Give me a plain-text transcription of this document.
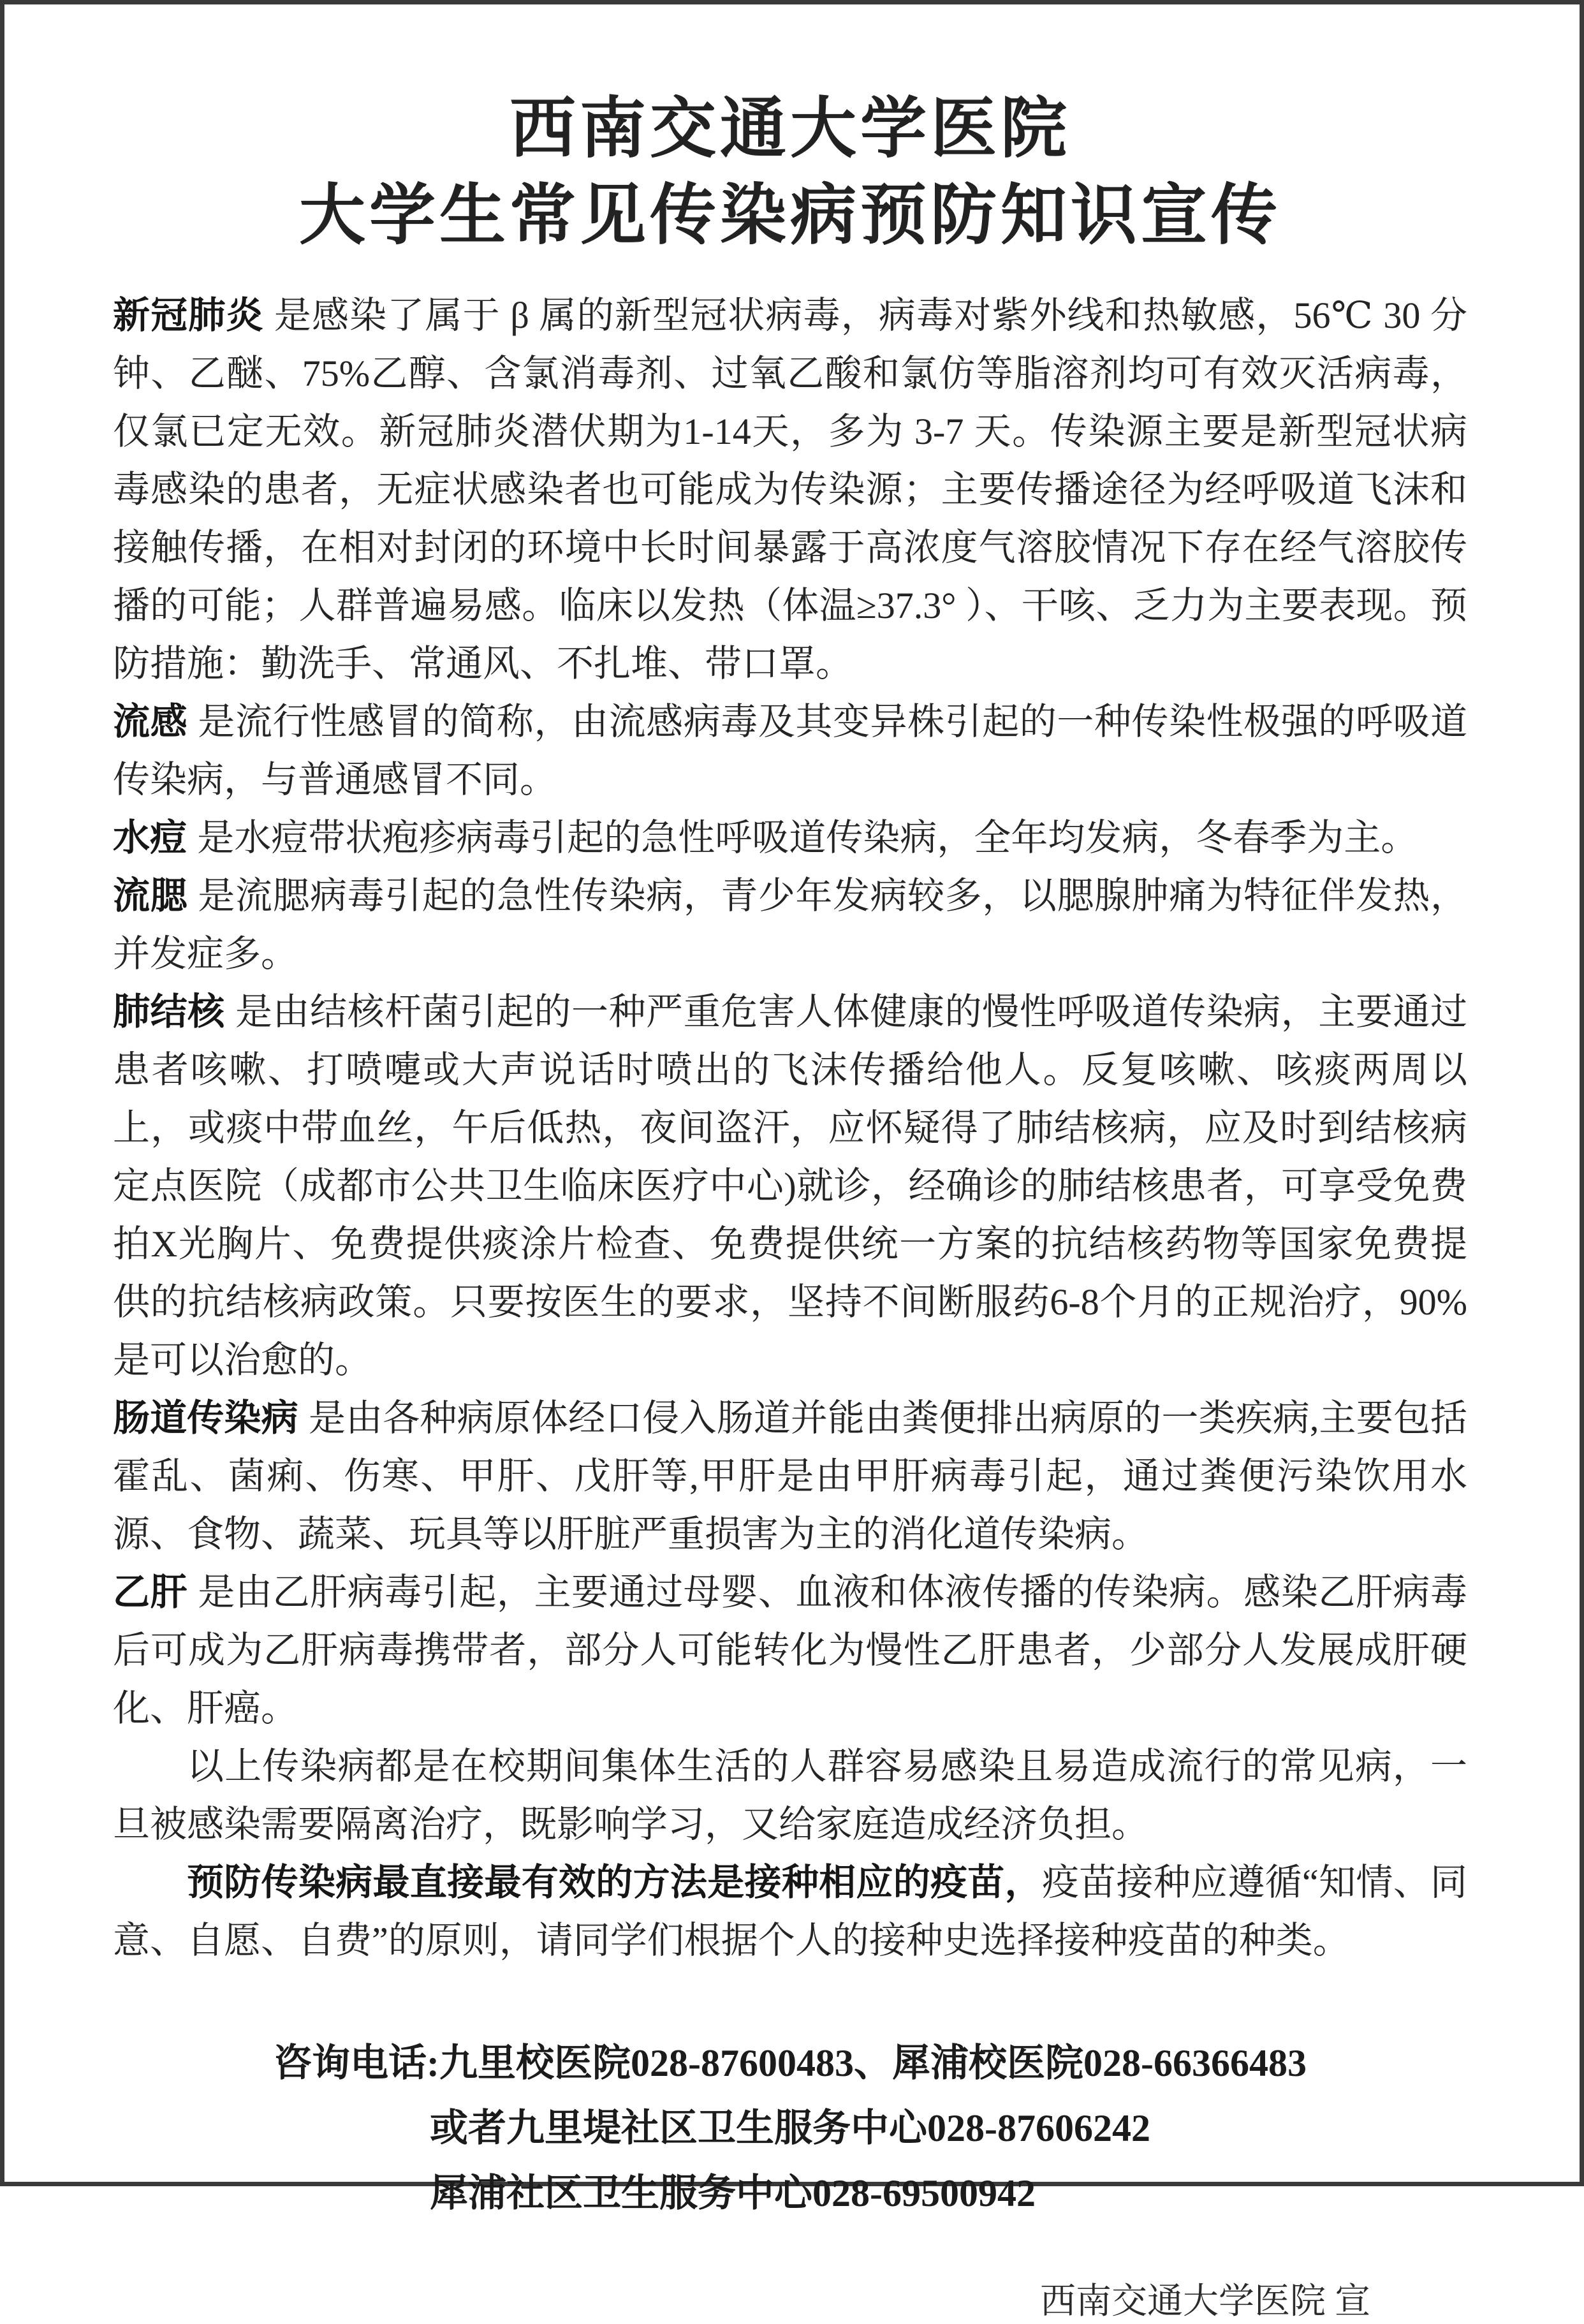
西南交通大学医院
大学生常见传染病预防知识宣传

新冠肺炎 是感染了属于 β 属的新型冠状病毒，病毒对紫外线和热敏感，56℃ 30 分钟、乙醚、75%乙醇、含氯消毒剂、过氧乙酸和氯仿等脂溶剂均可有效灭活病毒，仅氯已定无效。新冠肺炎潜伏期为1-14天，多为 3-7 天。传染源主要是新型冠状病毒感染的患者，无症状感染者也可能成为传染源；主要传播途径为经呼吸道飞沫和接触传播，在相对封闭的环境中长时间暴露于高浓度气溶胶情况下存在经气溶胶传播的可能；人群普遍易感。临床以发热（体温≥37.3° ）、干咳、乏力为主要表现。预防措施：勤洗手、常通风、不扎堆、带口罩。

流感 是流行性感冒的简称，由流感病毒及其变异株引起的一种传染性极强的呼吸道传染病，与普通感冒不同。

水痘 是水痘带状疱疹病毒引起的急性呼吸道传染病，全年均发病，冬春季为主。

流腮 是流腮病毒引起的急性传染病，青少年发病较多，以腮腺肿痛为特征伴发热，并发症多。

肺结核 是由结核杆菌引起的一种严重危害人体健康的慢性呼吸道传染病，主要通过患者咳嗽、打喷嚏或大声说话时喷出的飞沫传播给他人。反复咳嗽、咳痰两周以上，或痰中带血丝，午后低热，夜间盗汗，应怀疑得了肺结核病，应及时到结核病定点医院（成都市公共卫生临床医疗中心)就诊，经确诊的肺结核患者，可享受免费拍X光胸片、免费提供痰涂片检查、免费提供统一方案的抗结核药物等国家免费提供的抗结核病政策。只要按医生的要求，坚持不间断服药6-8个月的正规治疗，90%是可以治愈的。

肠道传染病 是由各种病原体经口侵入肠道并能由粪便排出病原的一类疾病,主要包括霍乱、菌痢、伤寒、甲肝、戊肝等,甲肝是由甲肝病毒引起，通过粪便污染饮用水源、食物、蔬菜、玩具等以肝脏严重损害为主的消化道传染病。

乙肝 是由乙肝病毒引起，主要通过母婴、血液和体液传播的传染病。感染乙肝病毒后可成为乙肝病毒携带者，部分人可能转化为慢性乙肝患者，少部分人发展成肝硬化、肝癌。

以上传染病都是在校期间集体生活的人群容易感染且易造成流行的常见病，一旦被感染需要隔离治疗，既影响学习，又给家庭造成经济负担。

预防传染病最直接最有效的方法是接种相应的疫苗，疫苗接种应遵循“知情、同意、自愿、自费”的原则，请同学们根据个人的接种史选择接种疫苗的种类。

咨询电话:九里校医院028-87600483、犀浦校医院028-66366483
或者九里堤社区卫生服务中心028-87606242
犀浦社区卫生服务中心028-69500942
西南交通大学医院 宣
